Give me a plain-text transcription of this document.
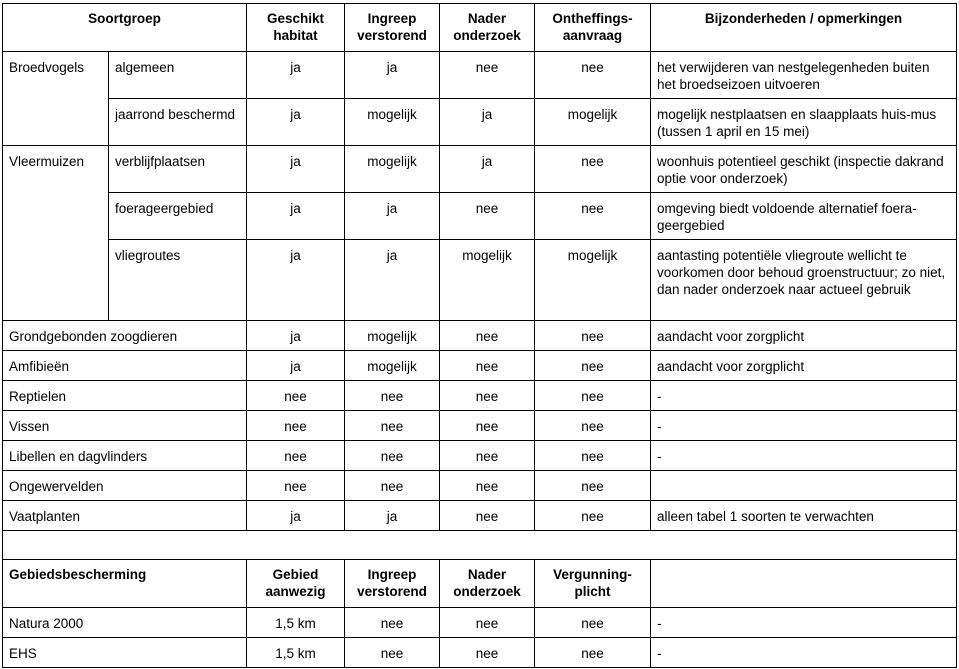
Soortgroep		Geschikt habitat	Ingreep verstorend	Nader onderzoek	Ontheffings-aanvraag	Bijzonderheden / opmerkingen
Broedvogels	algemeen	ja	ja	nee	nee	het verwijderen van nestgelegenheden buiten het broedseizoen uitvoeren
	jaarrond beschermd	ja	mogelijk	ja	mogelijk	mogelijk nestplaatsen en slaapplaats huis-mus (tussen 1 april en 15 mei)
Vleermuizen	verblijfplaatsen	ja	mogelijk	ja	nee	woonhuis potentieel geschikt (inspectie dakrand optie voor onderzoek)
	foerageergebied	ja	ja	nee	nee	omgeving biedt voldoende alternatief foera-geergebied
	vliegroutes	ja	ja	mogelijk	mogelijk	aantasting potentiële vliegroute wellicht te voorkomen door behoud groenstructuur; zo niet, dan nader onderzoek naar actueel gebruik
Grondgebonden zoogdieren		ja	mogelijk	nee	nee	aandacht voor zorgplicht
Amfibieën		ja	mogelijk	nee	nee	aandacht voor zorgplicht
Reptielen		nee	nee	nee	nee	-
Vissen		nee	nee	nee	nee	-
Libellen en dagvlinders		nee	nee	nee	nee	-
Ongewervelden		nee	nee	nee	nee	
Vaatplanten		ja	ja	nee	nee	alleen tabel 1 soorten te verwachten

Gebiedsbescherming		Gebied aanwezig	Ingreep verstorend	Nader onderzoek	Vergunning-plicht	
Natura 2000		1,5 km	nee	nee	nee	-
EHS		1,5 km	nee	nee	nee	-
